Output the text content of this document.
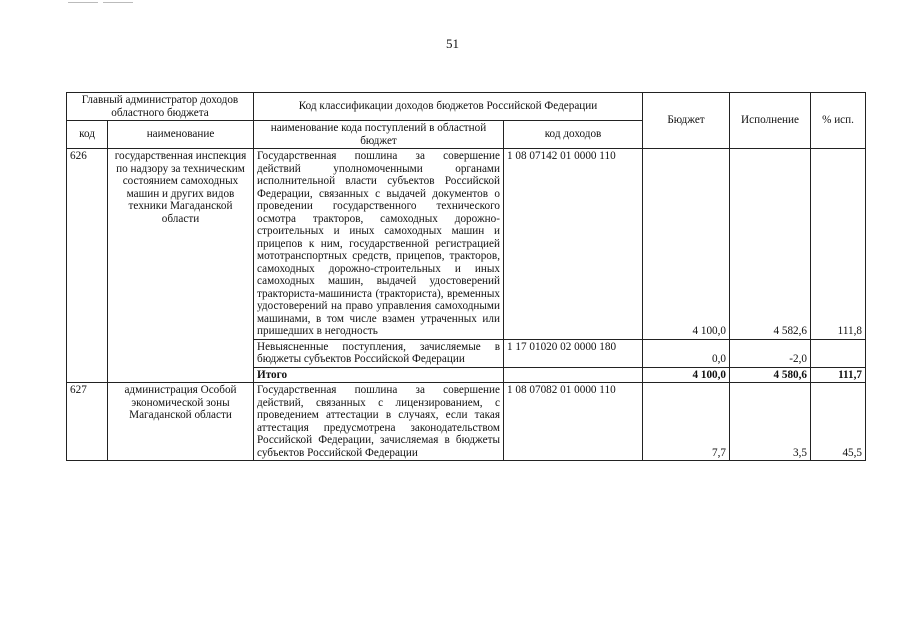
51
Главный администратор доходов областного бюджета		Код классификации доходов бюджетов Российской Федерации		Бюджет	Исполнение	% исп.
код	наименование	наименование кода поступлений в областной бюджет	код доходов			
626	государственная инспекция по надзору за техническим состоянием самоходных машин и других видов техники Магаданской области	Государственная пошлина за совершение действий уполномоченными органами исполнительной власти субъектов Российской Федерации, связанных с выдачей документов о проведении государственного технического осмотра тракторов, самоходных дорожно-строительных и иных самоходных машин и прицепов к ним, государственной регистрацией мототранспортных средств, прицепов, тракторов, самоходных дорожно-строительных и иных самоходных машин, выдачей удостоверений тракториста-машиниста (тракториста), временных удостоверений на право управления самоходными машинами, в том числе взамен утраченных или пришедших в негодность	1 08 07142 01 0000 110	4 100,0	4 582,6	111,8
		Невыясненные поступления, зачисляемые в бюджеты субъектов Российской Федерации	1 17 01020 02 0000 180	0,0	-2,0	
		Итого		4 100,0	4 580,6	111,7
627	администрация Особой экономической зоны Магаданской области	Государственная пошлина за совершение действий, связанных с лицензированием, с проведением аттестации в случаях, если такая аттестация предусмотрена законодательством Российской Федерации, зачисляемая в бюджеты субъектов Российской Федерации	1 08 07082 01 0000 110	7,7	3,5	45,5
